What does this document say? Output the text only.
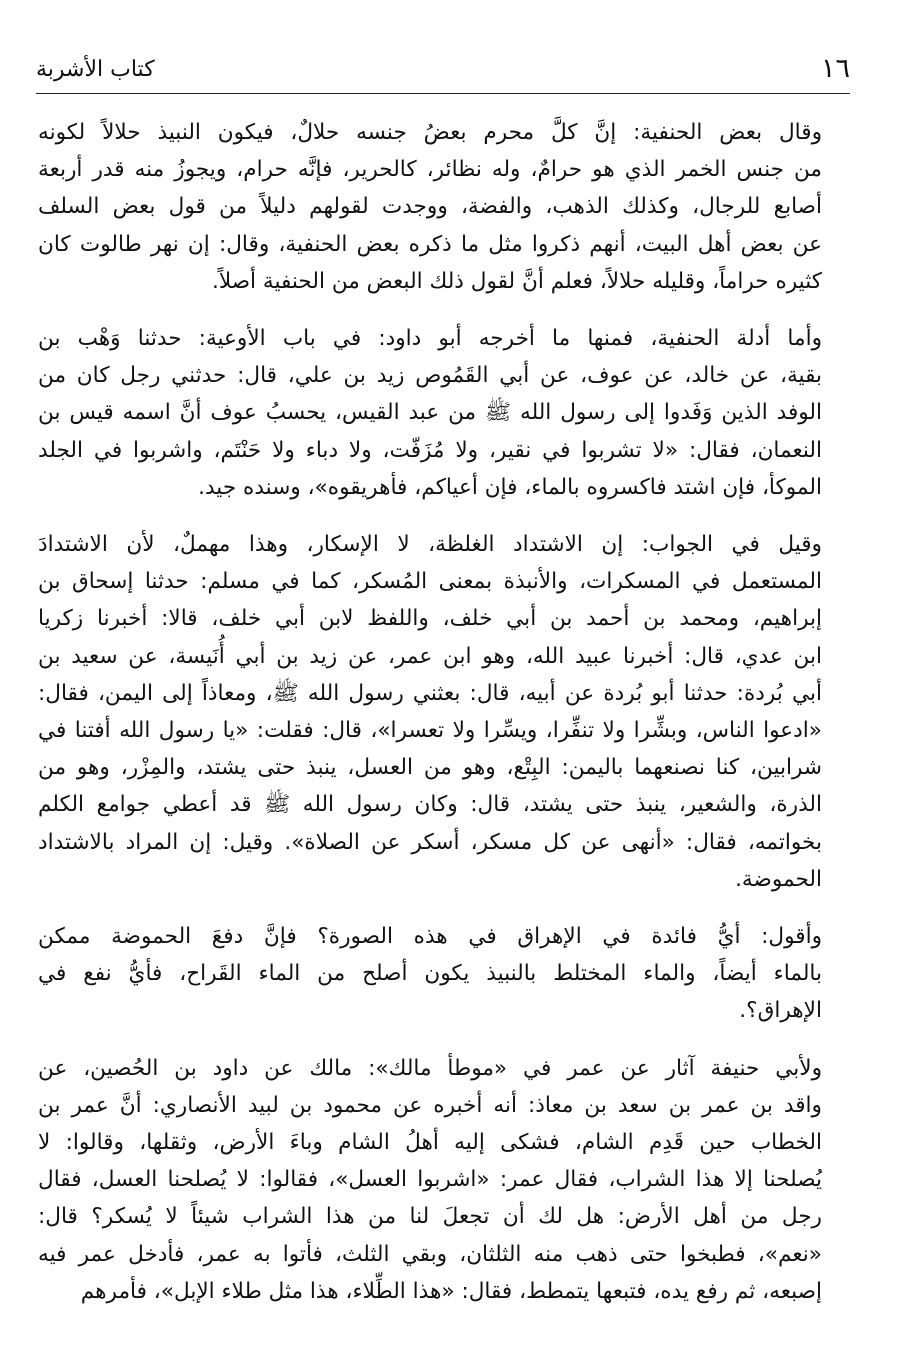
١٦
كتاب الأشربة
وقال بعض الحنفية: إنَّ كلَّ محرم بعضُ جنسه حلالٌ، فيكون النبيذ حلالاً لكونه
من جنس الخمر الذي هو حرامٌ، وله نظائر، كالحرير، فإنَّه حرام، ويجوزُ منه قدر أربعة
أصابع للرجال، وكذلك الذهب، والفضة، ووجدت لقولهم دليلاً من قول بعض السلف
عن بعض أهل البيت، أنهم ذكروا مثل ما ذكره بعض الحنفية، وقال: إن نهر طالوت كان
كثيره حراماً، وقليله حلالاً، فعلم أنَّ لقول ذلك البعض من الحنفية أصلاً.
وأما أدلة الحنفية، فمنها ما أخرجه أبو داود: في باب الأوعية: حدثنا وَهْب بن
بقية، عن خالد، عن عوف، عن أبي القَمُوص زيد بن علي، قال: حدثني رجل كان من
الوفد الذين وَفَدوا إلى رسول الله ﷺ من عبد القيس، يحسبُ عوف أنَّ اسمه قيس بن
النعمان، فقال: «لا تشربوا في نقير، ولا مُزَفّت، ولا دباء ولا حَنْتَم، واشربوا في الجلد
الموكأ، فإن اشتد فاكسروه بالماء، فإن أعياكم، فأهريقوه»، وسنده جيد.
وقيل في الجواب: إن الاشتداد الغلظة، لا الإسكار، وهذا مهملٌ، لأن الاشتدادَ
المستعمل في المسكرات، والأنبذة بمعنى المُسكر، كما في مسلم: حدثنا إسحاق بن
إبراهيم، ومحمد بن أحمد بن أبي خلف، واللفظ لابن أبي خلف، قالا: أخبرنا زكريا
ابن عدي، قال: أخبرنا عبيد الله، وهو ابن عمر، عن زيد بن أبي أُنَيسة، عن سعيد بن
أبي بُردة: حدثنا أبو بُردة عن أبيه، قال: بعثني رسول الله ﷺ، ومعاذاً إلى اليمن، فقال:
«ادعوا الناس، وبشِّرا ولا تنفِّرا، ويسِّرا ولا تعسرا»، قال: فقلت: «يا رسول الله أفتنا في
شرابين، كنا نصنعهما باليمن: البِتْع، وهو من العسل، ينبذ حتى يشتد، والمِزْر، وهو من
الذرة، والشعير، ينبذ حتى يشتد، قال: وكان رسول الله ﷺ قد أعطي جوامع الكلم
بخواتمه، فقال: «أنهى عن كل مسكر، أسكر عن الصلاة». وقيل: إن المراد بالاشتداد
الحموضة.
وأقول: أيُّ فائدة في الإهراق في هذه الصورة؟ فإنَّ دفعَ الحموضة ممكن
بالماء أيضاً، والماء المختلط بالنبيذ يكون أصلح من الماء القَراح، فأيُّ نفع في
الإهراق؟.
ولأبي حنيفة آثار عن عمر في «موطأ مالك»: مالك عن داود بن الحُصين، عن
واقد بن عمر بن سعد بن معاذ: أنه أخبره عن محمود بن لبيد الأنصاري: أنَّ عمر بن
الخطاب حين قَدِم الشام، فشكى إليه أهلُ الشام وباءَ الأرض، وثقلها، وقالوا: لا
يُصلحنا إلا هذا الشراب، فقال عمر: «اشربوا العسل»، فقالوا: لا يُصلحنا العسل، فقال
رجل من أهل الأرض: هل لك أن تجعلَ لنا من هذا الشراب شيئاً لا يُسكر؟ قال:
«نعم»، فطبخوا حتى ذهب منه الثلثان، وبقي الثلث، فأتوا به عمر، فأدخل عمر فيه
إصبعه، ثم رفع يده، فتبعها يتمطط، فقال: «هذا الطِّلاء، هذا مثل طلاء الإبل»، فأمرهم
